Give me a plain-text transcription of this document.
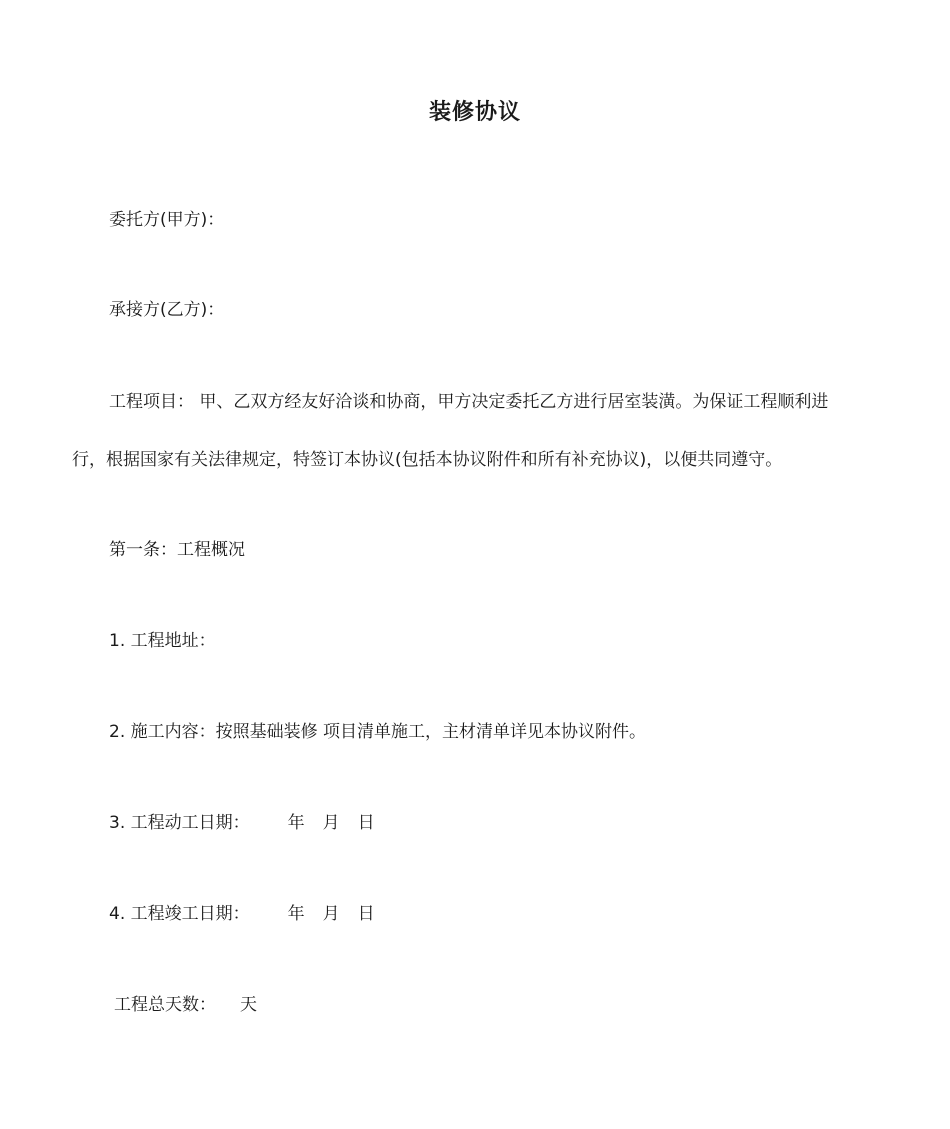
装修协议
委托方(甲方)：
承接方(乙方)：
工程项目： 甲、乙双方经友好洽谈和协商，甲方决定委托乙方进行居室装潢。为保证工程顺利进
行，根据国家有关法律规定，特签订本协议(包括本协议附件和所有补充协议)，以便共同遵守。
第一条：工程概况
1. 工程地址：
2. 施工内容：按照基础装修 项目清单施工，主材清单详见本协议附件。
3. 工程动工日期： 年 月 日
4. 工程竣工日期： 年 月 日
工程总天数： 天
